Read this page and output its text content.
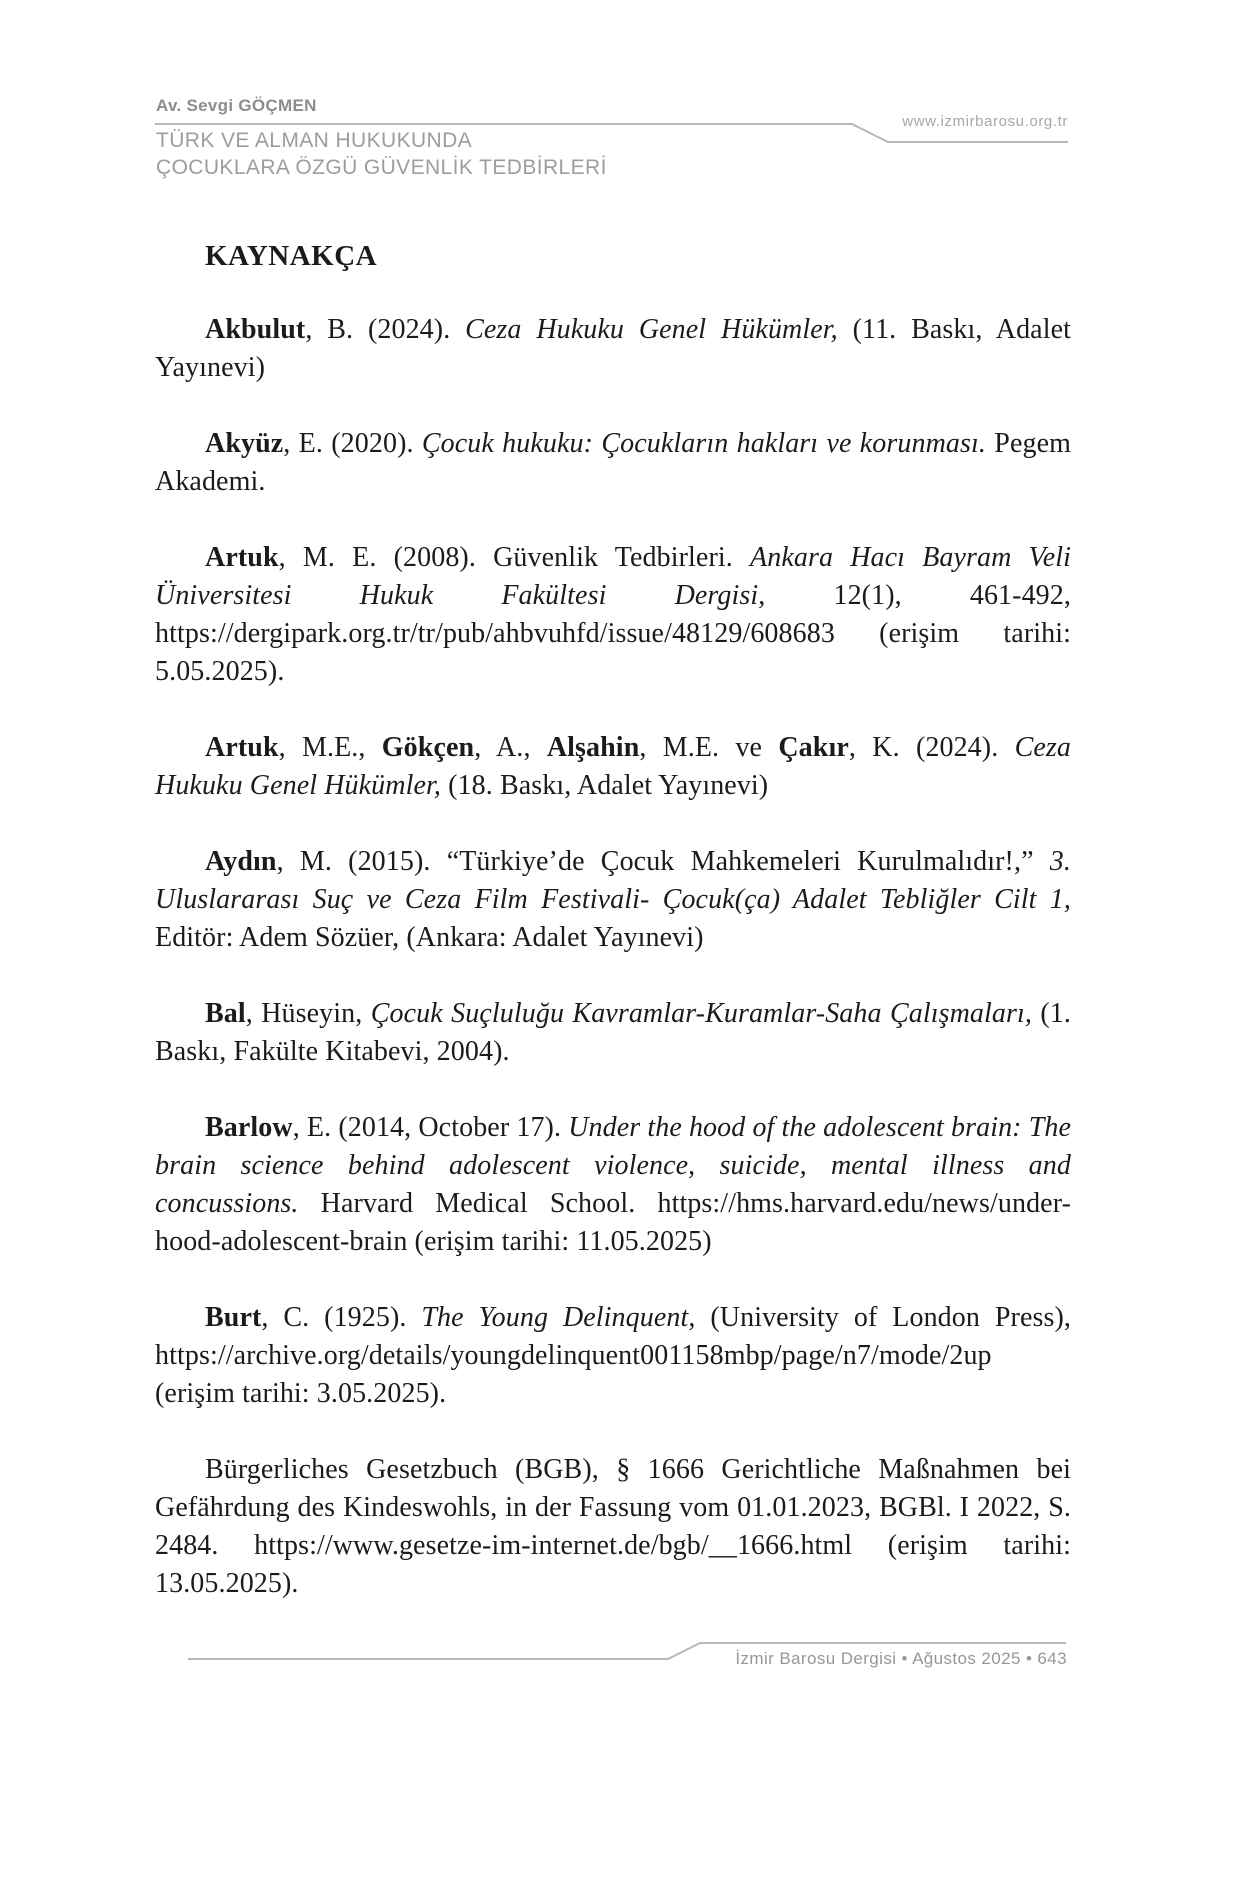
Av. Sevgi GÖÇMEN
www.izmirbarosu.org.tr
TÜRK VE ALMAN HUKUKUNDA
ÇOCUKLARA ÖZGÜ GÜVENLİK TEDBİRLERİ
KAYNAKÇA

Akbulut, B. (2024). Ceza Hukuku Genel Hükümler, (11. Baskı, Adalet Yayınevi)

Akyüz, E. (2020). Çocuk hukuku: Çocukların hakları ve korunması. Pegem Akademi.

Artuk, M. E. (2008). Güvenlik Tedbirleri. Ankara Hacı Bayram Veli Üniversitesi Hukuk Fakültesi Dergisi, 12(1), 461-492, https://dergipark.org.tr/tr/pub/ahbvuhfd/issue/48129/608683 (erişim tarihi: 5.05.2025).

Artuk, M.E., Gökçen, A., Alşahin, M.E. ve Çakır, K. (2024). Ceza Hukuku Genel Hükümler, (18. Baskı, Adalet Yayınevi)

Aydın, M. (2015). “Türkiye’de Çocuk Mahkemeleri Kurulmalıdır!,” 3. Uluslararası Suç ve Ceza Film Festivali- Çocuk(ça) Adalet Tebliğler Cilt 1, Editör: Adem Sözüer, (Ankara: Adalet Yayınevi)

Bal, Hüseyin, Çocuk Suçluluğu Kavramlar-Kuramlar-Saha Çalışmaları, (1. Baskı, Fakülte Kitabevi, 2004).

Barlow, E. (2014, October 17). Under the hood of the adolescent brain: The brain science behind adolescent violence, suicide, mental illness and concussions. Harvard Medical School. https://hms.harvard.edu/news/under-hood-adolescent-brain (erişim tarihi: 11.05.2025)

Burt, C. (1925). The Young Delinquent, (University of London Press), https://archive.org/details/youngdelinquent001158mbp/page/n7/mode/2up (erişim tarihi: 3.05.2025).

Bürgerliches Gesetzbuch (BGB), § 1666 Gerichtliche Maßnahmen bei Gefährdung des Kindeswohls, in der Fassung vom 01.01.2023, BGBl. I 2022, S. 2484. https://www.gesetze-im-internet.de/bgb/__1666.html (erişim tarihi: 13.05.2025).

İzmir Barosu Dergisi • Ağustos 2025 • 643
